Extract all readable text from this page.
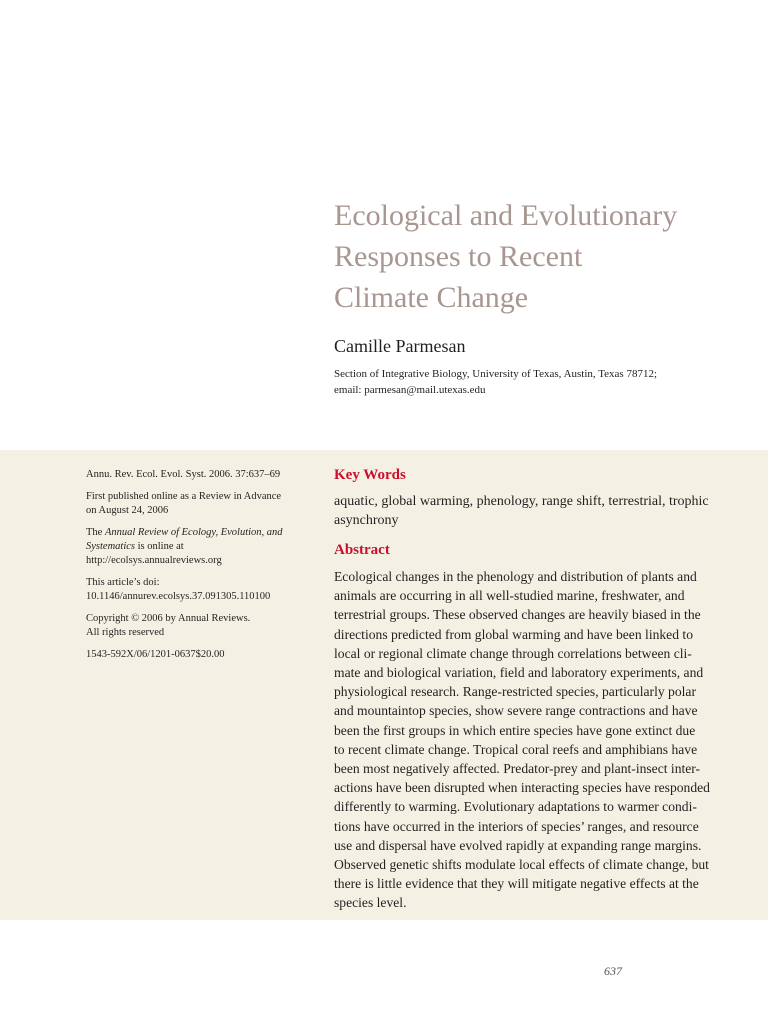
Ecological and Evolutionary
Responses to Recent
Climate Change

Camille Parmesan

Section of Integrative Biology, University of Texas, Austin, Texas 78712;
email: parmesan@mail.utexas.edu

Annu. Rev. Ecol. Evol. Syst. 2006. 37:637–69

First published online as a Review in Advance
on August 24, 2006

The Annual Review of Ecology, Evolution, and
Systematics is online at
http://ecolsys.annualreviews.org

This article’s doi:
10.1146/annurev.ecolsys.37.091305.110100

Copyright © 2006 by Annual Reviews.
All rights reserved

1543-592X/06/1201-0637$20.00

Key Words
aquatic, global warming, phenology, range shift, terrestrial, trophic
asynchrony
Abstract
Ecological changes in the phenology and distribution of plants and
animals are occurring in all well-studied marine, freshwater, and
terrestrial groups. These observed changes are heavily biased in the
directions predicted from global warming and have been linked to
local or regional climate change through correlations between cli-
mate and biological variation, field and laboratory experiments, and
physiological research. Range-restricted species, particularly polar
and mountaintop species, show severe range contractions and have
been the first groups in which entire species have gone extinct due
to recent climate change. Tropical coral reefs and amphibians have
been most negatively affected. Predator-prey and plant-insect inter-
actions have been disrupted when interacting species have responded
differently to warming. Evolutionary adaptations to warmer condi-
tions have occurred in the interiors of species’ ranges, and resource
use and dispersal have evolved rapidly at expanding range margins.
Observed genetic shifts modulate local effects of climate change, but
there is little evidence that they will mitigate negative effects at the
species level.
637
